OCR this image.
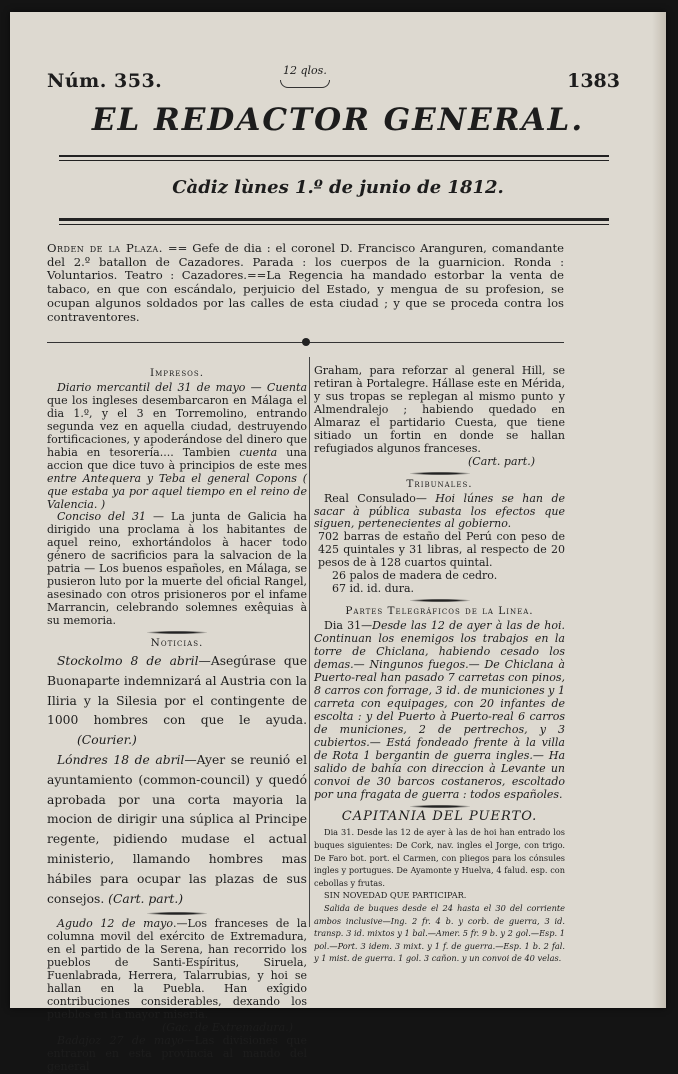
Núm. 353.	12 qlos.	1383
EL REDACTOR GENERAL.
Càdiz lùnes 1.º de junio de 1812.
Orden de la Plaza. == Gefe de dia : el coronel D. Francisco Aranguren, comandante del 2.º batallon de Cazadores. Parada : los cuerpos de la guarnicion. Ronda : Voluntarios. Teatro : Cazadores.==La Regencia ha mandado estorbar la venta de tabaco, en que con escándalo, perjuicio del Estado, y mengua de su profesion, se ocupan algunos soldados por las calles de esta ciudad ; y que se proceda contra los contraventores.
Impresos.

Diario mercantil del 31 de mayo — Cuenta que los ingleses desembarcaron en Málaga el dia 1.º, y el 3 en Torremolino, entrando segunda vez en aquella ciudad, destruyendo fortificaciones, y apoderándose del dinero que habia en tesorería.... Tambien cuenta una accion que dice tuvo à principios de este mes entre Antequera y Teba el general Copons ( que estaba ya por aquel tiempo en el reino de Valencia. )

Conciso del 31 — La junta de Galicia ha dirigido una proclama à los habitantes de aquel reino, exhortándolos à hacer todo género de sacrificios para la salvacion de la patria — Los buenos españoles, en Málaga, se pusieron luto por la muerte del oficial Rangel, asesinado con otros prisioneros por el infame Marrancin, celebrando solemnes exêquias à su memoria.

Noticias.

Stockolmo 8 de abril—Asegúrase que Buonaparte indemnizará al Austria con la Iliria y la Silesia por el contingente de 1000 hombres con que le ayuda. (Courier.)

Lóndres 18 de abril—Ayer se reunió el ayuntamiento (common-council) y quedó aprobada por una corta mayoria la mocion de dirigir una súplica al Principe regente, pidiendo mudase el actual ministerio, llamando hombres mas hábiles para ocupar las plazas de sus consejos. (Cart. part.)

Agudo 12 de mayo.—Los franceses de la columna movil del exército de Extremadura, en el partido de la Serena, han recorrido los pueblos de Santi-Espíritus, Siruela, Fuenlabrada, Herrera, Talarrubias, y hoi se hallan en la Puebla. Han exîgido contribuciones considerables, dexando los pueblos en la mayor miseria.

(Gac. de Extremadura.)

Badajoz 27 de mayo—Las divisiones que entraron en esta provincia al mando del general

Graham, para reforzar al general Hill, se retiran à Portalegre. Hállase este en Mérida, y sus tropas se replegan al mismo punto y Almendralejo ; habiendo quedado en Almaraz el partidario Cuesta, que tiene sitiado un fortin en donde se hallan refugiados algunos franceses.

(Cart. part.)
Tribunales.

Real Consulado— Hoi lúnes se han de sacar à pública subasta los efectos que siguen, pertenecientes al gobierno.

702 barras de estaño del Perú con peso de 425 quintales y 31 libras, al respecto de 20 pesos de à 128 cuartos quintal.

26 palos de madera de cedro.

67 id. id. dura.

Partes Telegráficos de la Linea.

Dia 31—Desde las 12 de ayer à las de hoi. Continuan los enemigos los trabajos en la torre de Chiclana, habiendo cesado los demas.— Ningunos fuegos.— De Chiclana à Puerto-real han pasado 7 carretas con pinos, 8 carros con forrage, 3 id. de municiones y 1 carreta con equipages, con 20 infantes de escolta : y del Puerto à Puerto-real 6 carros de municiones, 2 de pertrechos, y 3 cubiertos.— Está fondeado frente à la villa de Rota 1 bergantin de guerra ingles.— Ha salido de bahía con direccion à Levante un convoi de 30 barcos costaneros, escoltado por una fragata de guerra : todos españoles.

CAPITANIA DEL PUERTO.

Dia 31. Desde las 12 de ayer à las de hoi han entrado los buques siguientes: De Cork, nav. ingles el Jorge, con trigo. De Faro bot. port. el Carmen, con pliegos para los cónsules ingles y portugues. De Ayamonte y Huelva, 4 falud. esp. con cebollas y frutas.

SIN NOVEDAD QUE PARTICIPAR.

Salida de buques desde el 24 hasta el 30 del corriente ambos inclusive—Ing. 2 fr. 4 b. y corb. de guerra, 3 id. transp. 3 id. mixtos y 1 bal.—Amer. 5 fr. 9 b. y 2 gol.—Esp. 1 pol.—Port. 3 idem. 3 mixt. y 1 f. de guerra.—Esp. 1 b. 2 fal. y 1 mist. de guerra. 1 gol. 3 cañon. y un convoi de 40 velas.
